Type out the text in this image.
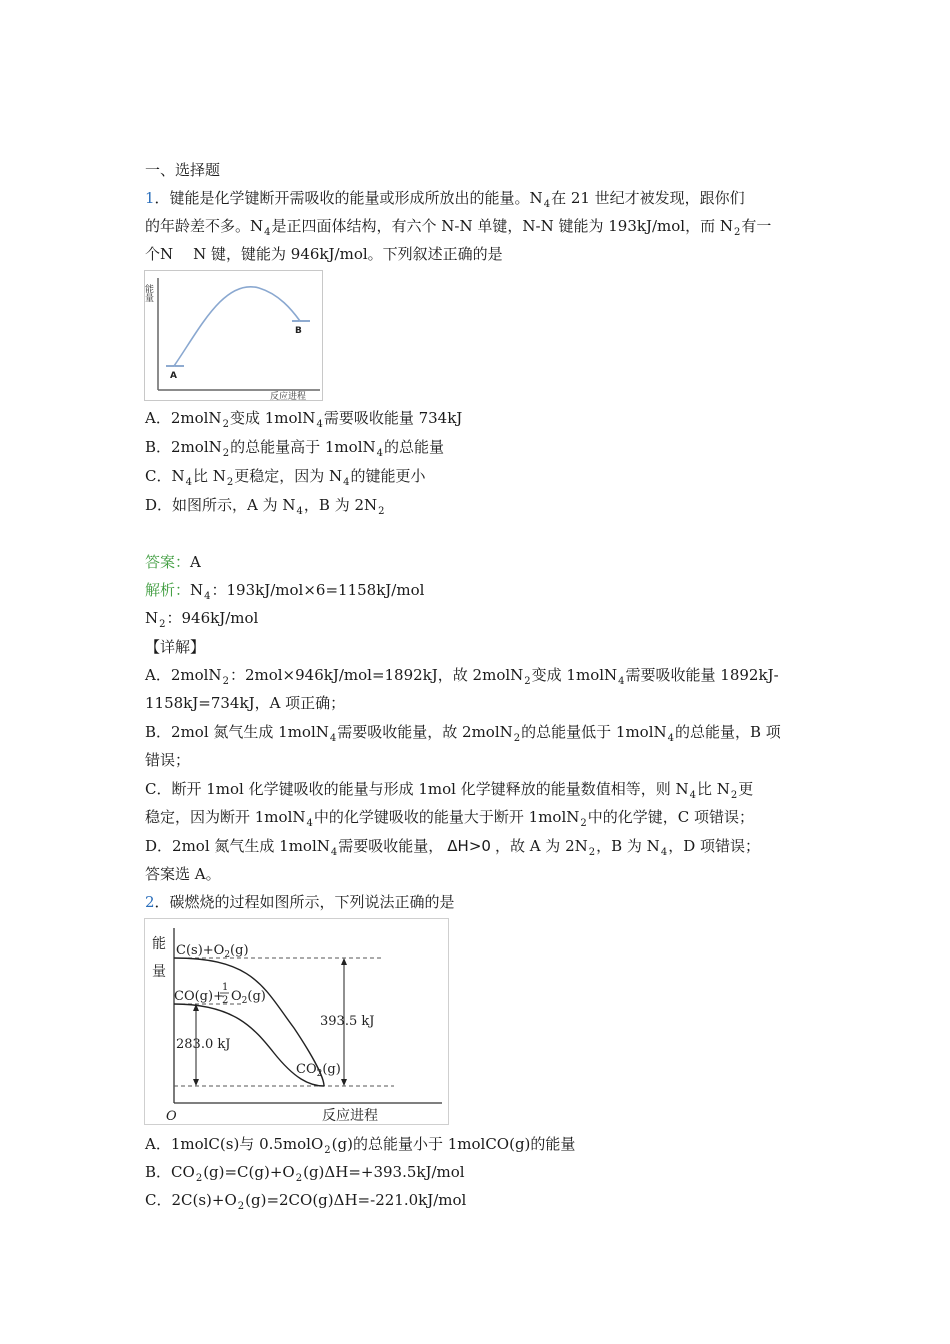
一、选择题
1．键能是化学键断开需吸收的能量或形成所放出的能量。$N_4$在 21 世纪才被发现，跟你们
的年龄差不多。$N_4$是正四面体结构，有六个 N-N 单键，N-N 键能为 193kJ/mol，而 $N_2$有一
个N N 键，键能为 946kJ/mol。下列叙述正确的是
能量
A
B
反应进程
A．2molN$_2$变成 1molN$_4$需要吸收能量 734kJ
B．2molN$_2$的总能量高于 1molN$_4$的总能量
C．$N_4$比 $N_2$更稳定，因为 $N_4$的键能更小
D．如图所示，A 为 $N_4$，B 为 $2N_2$
答案：A
解析：$N_4$：193kJ/mol×6=1158kJ/mol
$N_2$：946kJ/mol
【详解】
A．2molN$_2$：2mol×946kJ/mol=1892kJ，故 2molN$_2$变成 1molN$_4$需要吸收能量 1892kJ-
1158kJ=734kJ，A 项正确；
B．2mol 氮气生成 1molN$_4$需要吸收能量，故 2molN$_2$的总能量低于 1molN$_4$的总能量，B 项
错误；
C．断开 1mol 化学键吸收的能量与形成 1mol 化学键释放的能量数值相等，则 $N_4$比 $N_2$更
稳定，因为断开 1molN$_4$中的化学键吸收的能量大于断开 1molN$_2$中的化学键，C 项错误；
D．2mol 氮气生成 1molN$_4$需要吸收能量， ΔH>0 ，故 A 为 $2N_2$，B 为 $N_4$，D 项错误；
答案选 A。
2．碳燃烧的过程如图所示，下列说法正确的是
能
量
O	反应进程
$C(s)+O_2(g)$
CO(g)+
1
2 $O_2(g)$
$CO_2(g)$
393.5 kJ
283.0 kJ
A．1molC(s)与 0.5molO$_2$(g)的总能量小于 1molCO(g)的能量
B．$CO_2(g)=C(g)+O_2(g)\Delta H=+393.5kJ$/mol
C．$2C(s)+O_2(g)=2CO(g)\Delta H=-221.0kJ$/mol
